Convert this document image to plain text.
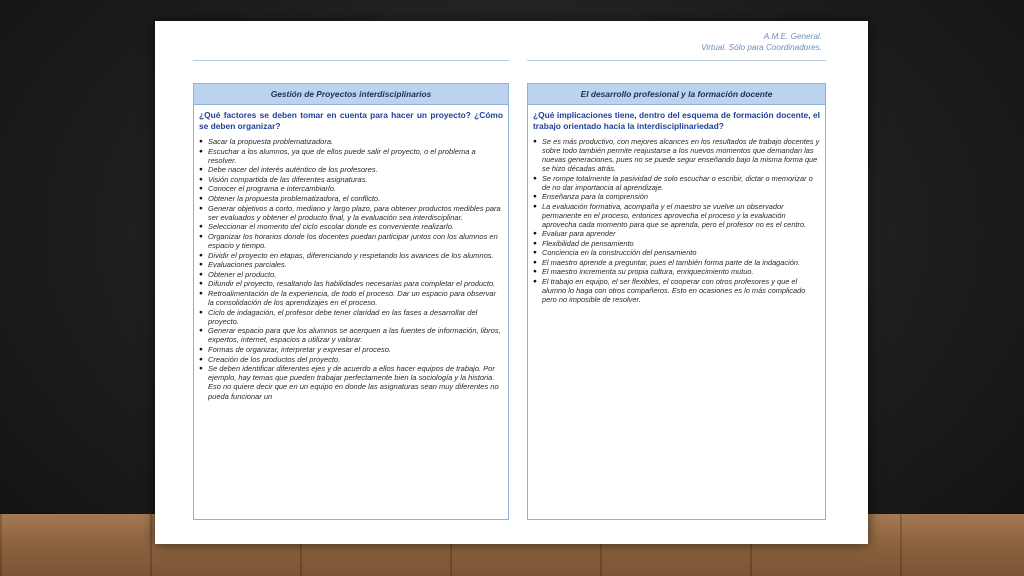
A.M.E. General.
Virtual. Sólo para Coordinadores.
Gestión de Proyectos interdisciplinarios
¿Qué factores se deben tomar en cuenta para hacer un proyecto? ¿Cómo se deben organizar?
● Sacar la propuesta problematizadora.
● Escuchar a los alumnos, ya que de ellos puede salir el proyecto, o el problema a resolver.
● Debe nacer del interés auténtico de los profesores.
● Visión compartida de las diferentes asignaturas.
● Conocer el programa e intercambiarlo.
● Obtener la propuesta problematizadora, el conflicto.
● Generar objetivos a corto, mediano y largo plazo, para obtener productos medibles para ser evaluados y obtener el producto final, y la evaluación sea interdisciplinar.
● Seleccionar el momento del ciclo escolar donde es conveniente realizarlo.
● Organizar los horarios donde los docentes puedan participar juntos con los alumnos en espacio y tiempo.
● Dividir el proyecto en etapas, diferenciando y respetando los avances de los alumnos.
● Evaluaciones parciales.
● Obtener el producto.
● Difundir el proyecto, resaltando las habilidades necesarias para completar el producto.
● Retroalimentación de la experiencia, de todo el proceso. Dar un espacio para observar la consolidación de los aprendizajes en el proceso.
● Ciclo de indagación, el profesor debe tener claridad en las fases a desarrollar del proyecto.
● Generar espacio para que los alumnos se acerquen a las fuentes de información, libros, expertos, internet, espacios a utilizar y valorar.
● Formas de organizar, interpretar y expresar el proceso.
● Creación de los productos del proyecto.
● Se deben identificar diferentes ejes y de acuerdo a ellos hacer equipos de trabajo. Por ejemplo, hay temas que pueden trabajar perfectamente bien la sociología y la historia. Eso no quiere decir que en un equipo en donde las asignaturas sean muy diferentes no pueda funcionar un
El desarrollo profesional y la formación docente
¿Qué implicaciones tiene, dentro del esquema de formación docente, el trabajo orientado hacia la interdisciplinariedad?
● Se es más productivo, con mejores alcances en los resultados de trabajo docentes y sobre todo también permite reajustarse a los nuevos momentos que demandan las nuevas generaciones, pues no se puede segur enseñando bajo la misma forma que se hizo décadas atrás.
● Se rompe totalmente la pasividad de solo escuchar o escribir, dictar o memorizar o de no dar importancia al aprendizaje.
● Enseñanza para la comprensión
● La evaluación formativa, acompaña y el maestro se vuelve un observador permanente en el proceso, entonces aprovecha el proceso y la evaluación aprovecha cada momento para que se aprenda, pero el profesor no es el centro.
● Evaluar para aprender
● Flexibilidad de pensamiento
● Conciencia en la construcción del pensamiento
● El maestro aprende a preguntar, pues el también forma parte de la indagación.
● El maestro incrementa su propia cultura, enriquecimiento mutuo.
● El trabajo en equipo, el ser flexibles, el cooperar con otros profesores y que el alumno lo haga con otros compañeros. Esto en ocasiones es lo más complicado pero no imposible de resolver.
